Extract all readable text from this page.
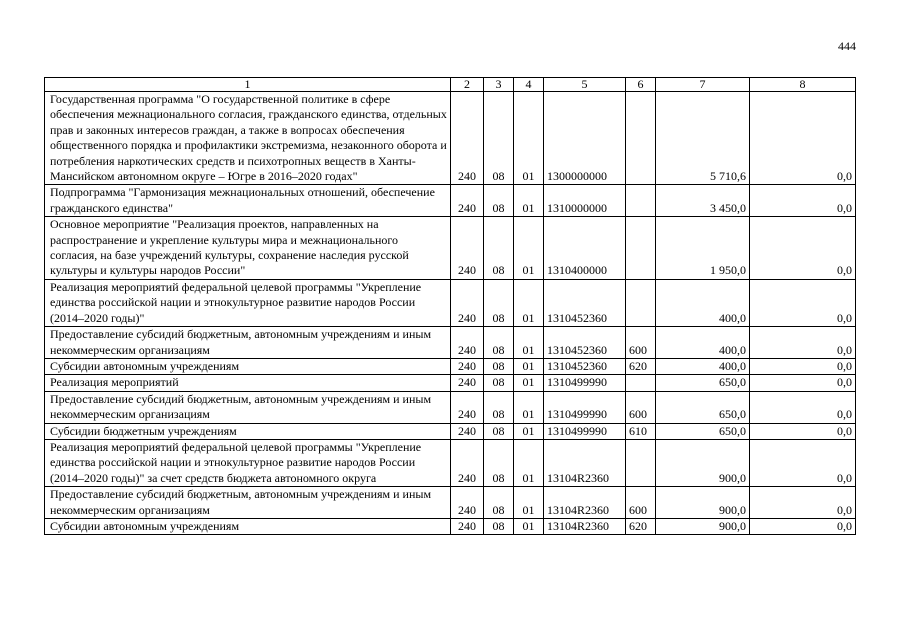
444
1	2	3	4	5	6	7	8
Государственная программа "О государственной политике в сфере обеспечения межнационального согласия, гражданского единства, отдельных прав и законных интересов граждан, а также в вопросах обеспечения общественного порядка и профилактики экстремизма, незаконного оборота и потребления наркотических средств и психотропных веществ в Ханты-Мансийском автономном округе – Югре в 2016–2020 годах"	240	08	01	1300000000		5 710,6	0,0
Подпрограмма "Гармонизация межнациональных отношений, обеспечение гражданского единства"	240	08	01	1310000000		3 450,0	0,0
Основное мероприятие "Реализация проектов, направленных на распространение и укрепление культуры мира и межнационального согласия, на базе учреждений культуры, сохранение наследия русской культуры и культуры народов России"	240	08	01	1310400000		1 950,0	0,0
Реализация мероприятий федеральной целевой программы "Укрепление единства российской нации и этнокультурное развитие народов России (2014–2020 годы)"	240	08	01	1310452360		400,0	0,0
Предоставление субсидий бюджетным, автономным учреждениям и иным некоммерческим организациям	240	08	01	1310452360	600	400,0	0,0
Субсидии автономным учреждениям	240	08	01	1310452360	620	400,0	0,0
Реализация мероприятий	240	08	01	1310499990		650,0	0,0
Предоставление субсидий бюджетным, автономным учреждениям и иным некоммерческим организациям	240	08	01	1310499990	600	650,0	0,0
Субсидии бюджетным учреждениям	240	08	01	1310499990	610	650,0	0,0
Реализация мероприятий федеральной целевой программы "Укрепление единства российской нации и этнокультурное развитие народов России (2014–2020 годы)" за счет средств бюджета автономного округа	240	08	01	13104R2360		900,0	0,0
Предоставление субсидий бюджетным, автономным учреждениям и иным некоммерческим организациям	240	08	01	13104R2360	600	900,0	0,0
Субсидии автономным учреждениям	240	08	01	13104R2360	620	900,0	0,0
